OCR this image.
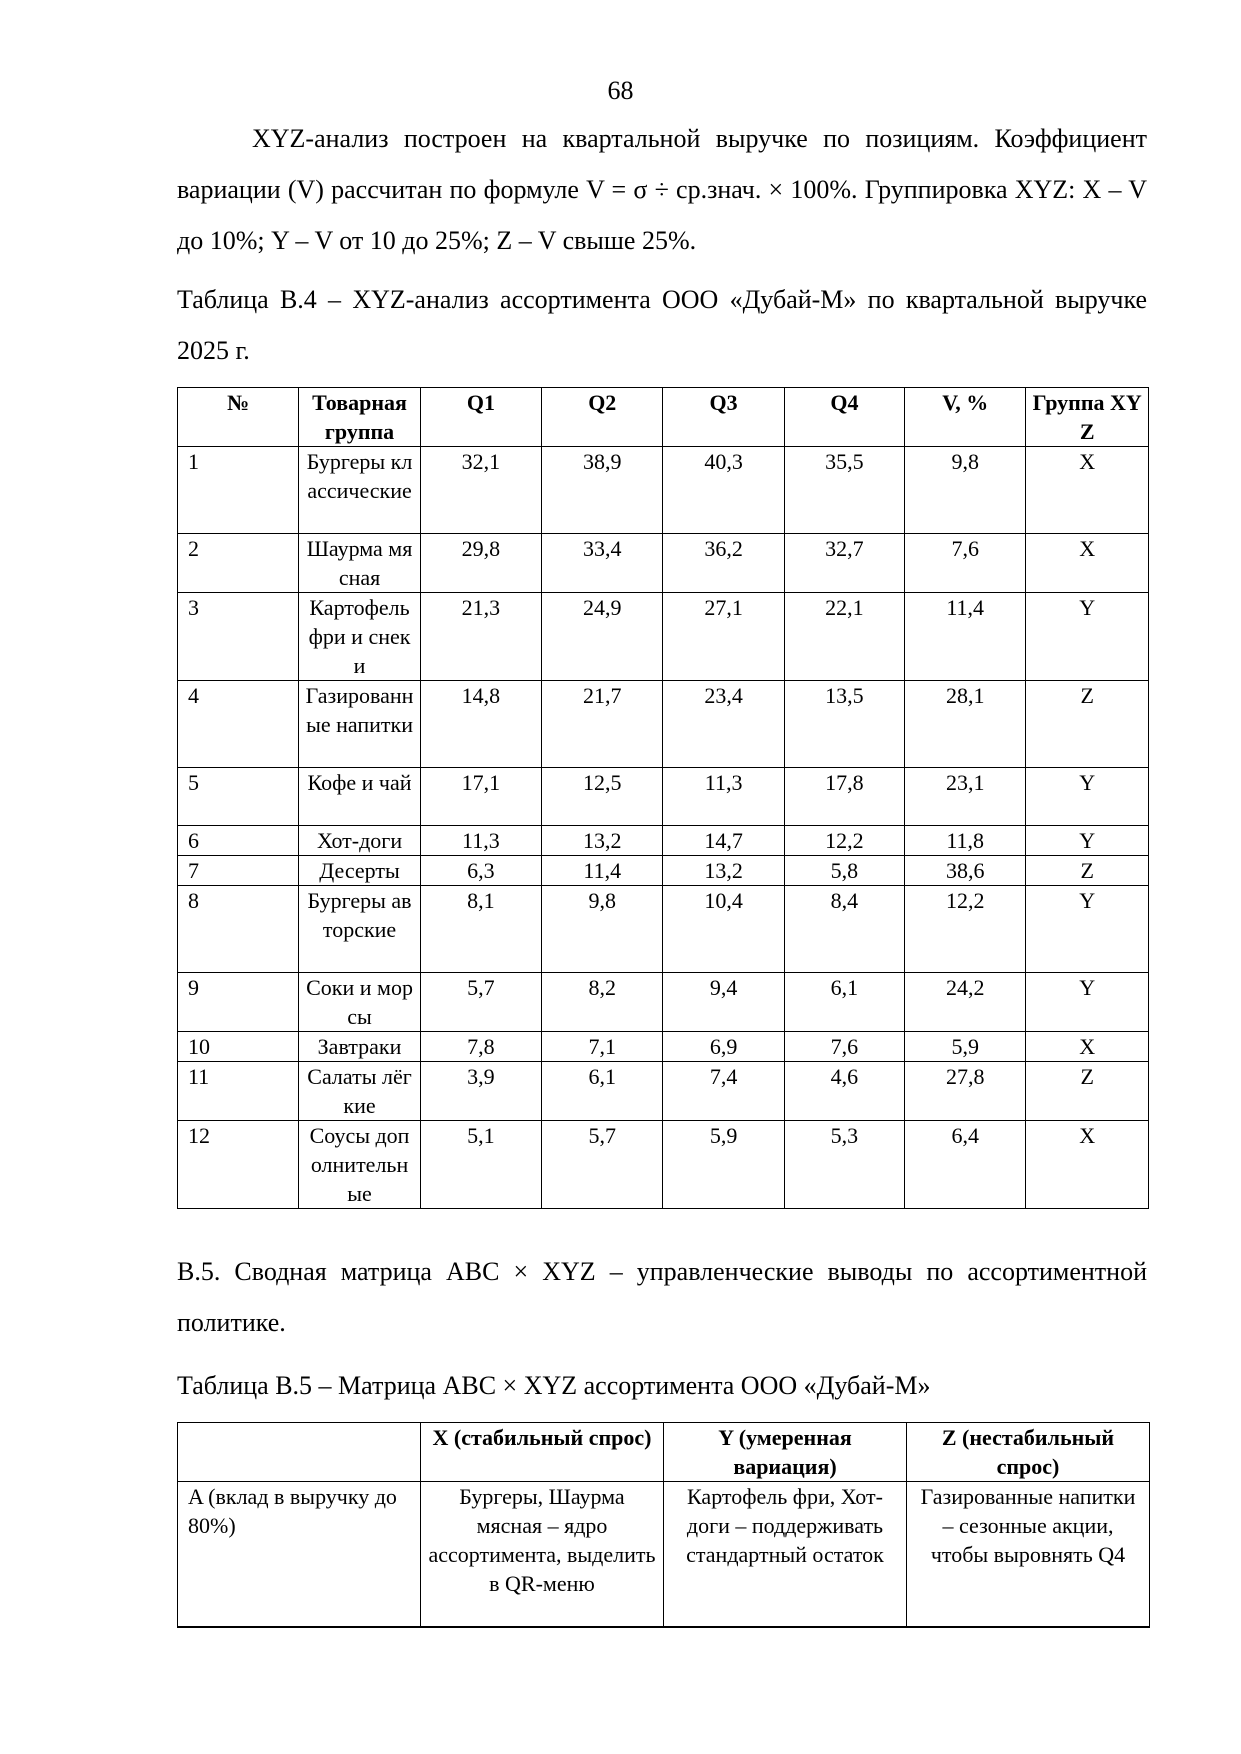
68

XYZ-анализ построен на квартальной выручке по позициям. Коэффициент вариации (V) рассчитан по формуле V = σ ÷ ср.знач. × 100%. Группировка XYZ: X – V до 10%; Y – V от 10 до 25%; Z – V свыше 25%.

Таблица В.4 – XYZ-анализ ассортимента ООО «Дубай-М» по квартальной выручке 2025 г.

№	Товарная группа	Q1	Q2	Q3	Q4	V, %	Группа XYZ
1	Бургеры классические	32,1	38,9	40,3	35,5	9,8	X
2	Шаурма мясная	29,8	33,4	36,2	32,7	7,6	X
3	Картофель фри и снеки	21,3	24,9	27,1	22,1	11,4	Y
4	Газированные напитки	14,8	21,7	23,4	13,5	28,1	Z
5	Кофе и чай	17,1	12,5	11,3	17,8	23,1	Y
6	Хот-доги	11,3	13,2	14,7	12,2	11,8	Y
7	Десерты	6,3	11,4	13,2	5,8	38,6	Z
8	Бургеры авторские	8,1	9,8	10,4	8,4	12,2	Y
9	Соки и морсы	5,7	8,2	9,4	6,1	24,2	Y
10	Завтраки	7,8	7,1	6,9	7,6	5,9	X
11	Салаты лёгкие	3,9	6,1	7,4	4,6	27,8	Z
12	Соусы дополнительные	5,1	5,7	5,9	5,3	6,4	X

В.5. Сводная матрица ABC × XYZ – управленческие выводы по ассортиментной политике.

Таблица В.5 – Матрица ABC × XYZ ассортимента ООО «Дубай-М»

	X (стабильный спрос)	Y (умеренная вариация)	Z (нестабильный спрос)
A (вклад в выручку до 80%)	Бургеры, Шаурма мясная – ядро ассортимента, выделить в QR-меню	Картофель фри, Хот-доги – поддерживать стандартный остаток	Газированные напитки – сезонные акции, чтобы выровнять Q4
